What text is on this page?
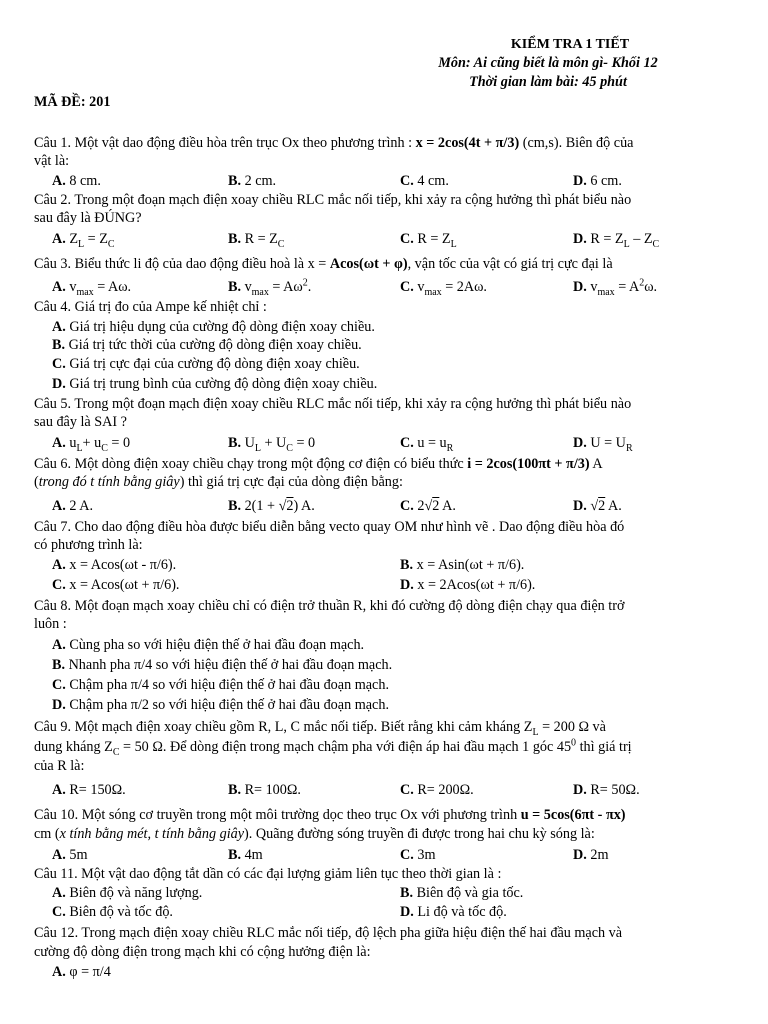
KIỂM TRA 1 TIẾT
Môn: Ai cũng biết là môn gì- Khối 12
Thời gian làm bài: 45 phút
MÃ ĐỀ: 201
Câu 1. Một vật dao động điều hòa trên trục Ox theo phương trình : x = 2cos(4t + π/3) (cm,s). Biên độ của
vật là:
A. 8 cm.	B. 2 cm.	C. 4 cm.	D. 6 cm.
Câu 2. Trong một đoạn mạch điện xoay chiều RLC mắc nối tiếp, khi xảy ra cộng hưởng thì phát biểu nào
sau đây là ĐÚNG?
A. $Z_L = Z_C$	B. $R = Z_C$	C. $R = Z_L$	D. $R = Z_L - Z_C$
Câu 3. Biểu thức li độ của dao động điều hoà là x = Acos(ωt + φ), vận tốc của vật có giá trị cực đại là
A. $v_{max} = A\omega$.	B. $v_{max} = A\omega^2$.	C. $v_{max} = 2A\omega$.	D. $v_{max} = A^2\omega$.
Câu 4. Giá trị đo của Ampe kế nhiệt chỉ :
A. Giá trị hiệu dụng của cường độ dòng điện xoay chiều.
B. Giá trị tức thời của cường độ dòng điện xoay chiều.
C. Giá trị cực đại của cường độ dòng điện xoay chiều.
D. Giá trị trung bình của cường độ dòng điện xoay chiều.
Câu 5. Trong một đoạn mạch điện xoay chiều RLC mắc nối tiếp, khi xảy ra cộng hưởng thì phát biểu nào
sau đây là SAI ?
A. $u_L+ u_C = 0$	B. $U_L + U_C = 0$	C. $u = u_R$	D. $U = U_R$
Câu 6. Một dòng điện xoay chiều chạy trong một động cơ điện có biểu thức i = 2cos(100πt + π/3) A
(trong đó t tính bằng giây) thì giá trị cực đại của dòng điện bằng:
A. 2 A.	B. 2(1 + √2) A.	C. 2√2 A.	D. √2 A.
Câu 7. Cho dao động điều hòa được biểu diễn bằng vecto quay OM như hình vẽ . Dao động điều hòa đó
có phương trình là:
A. x = Acos(ωt - π/6).	B. x = Asin(ωt + π/6).
C. x = Acos(ωt + π/6).	D. x = 2Acos(ωt + π/6).
Câu 8. Một đoạn mạch xoay chiều chỉ có điện trở thuần R, khi đó cường độ dòng điện chạy qua điện trở
luôn :
A. Cùng pha so với hiệu điện thế ở hai đầu đoạn mạch.
B. Nhanh pha π/4 so với hiệu điện thế ở hai đầu đoạn mạch.
C. Chậm pha π/4 so với hiệu điện thế ở hai đầu đoạn mạch.
D. Chậm pha π/2 so với hiệu điện thế ở hai đầu đoạn mạch.
Câu 9. Một mạch điện xoay chiều gồm R, L, C mắc nối tiếp. Biết rằng khi cảm kháng $Z_L = 200$ Ω và
dung kháng $Z_C = 50$ Ω. Để dòng điện trong mạch chậm pha với điện áp hai đầu mạch 1 góc $45^0$ thì giá trị
của R là:
A. R= 150Ω.	B. R= 100Ω.	C. R= 200Ω.	D. R= 50Ω.
Câu 10. Một sóng cơ truyền trong một môi trường dọc theo trục Ox với phương trình u = 5cos(6πt - πx)
cm (x tính bằng mét, t tính bằng giây). Quãng đường sóng truyền đi được trong hai chu kỳ sóng là:
A. 5m	B. 4m	C. 3m	D. 2m
Câu 11. Một vật dao động tắt dần có các đại lượng giảm liên tục theo thời gian là :
A. Biên độ và năng lượng.	B. Biên độ và gia tốc.
C. Biên độ và tốc độ.	D. Li độ và tốc độ.
Câu 12. Trong mạch điện xoay chiều RLC mắc nối tiếp, độ lệch pha giữa hiệu điện thế hai đầu mạch và
cường độ dòng điện trong mạch khi có cộng hưởng điện là:
A. φ = π/4
